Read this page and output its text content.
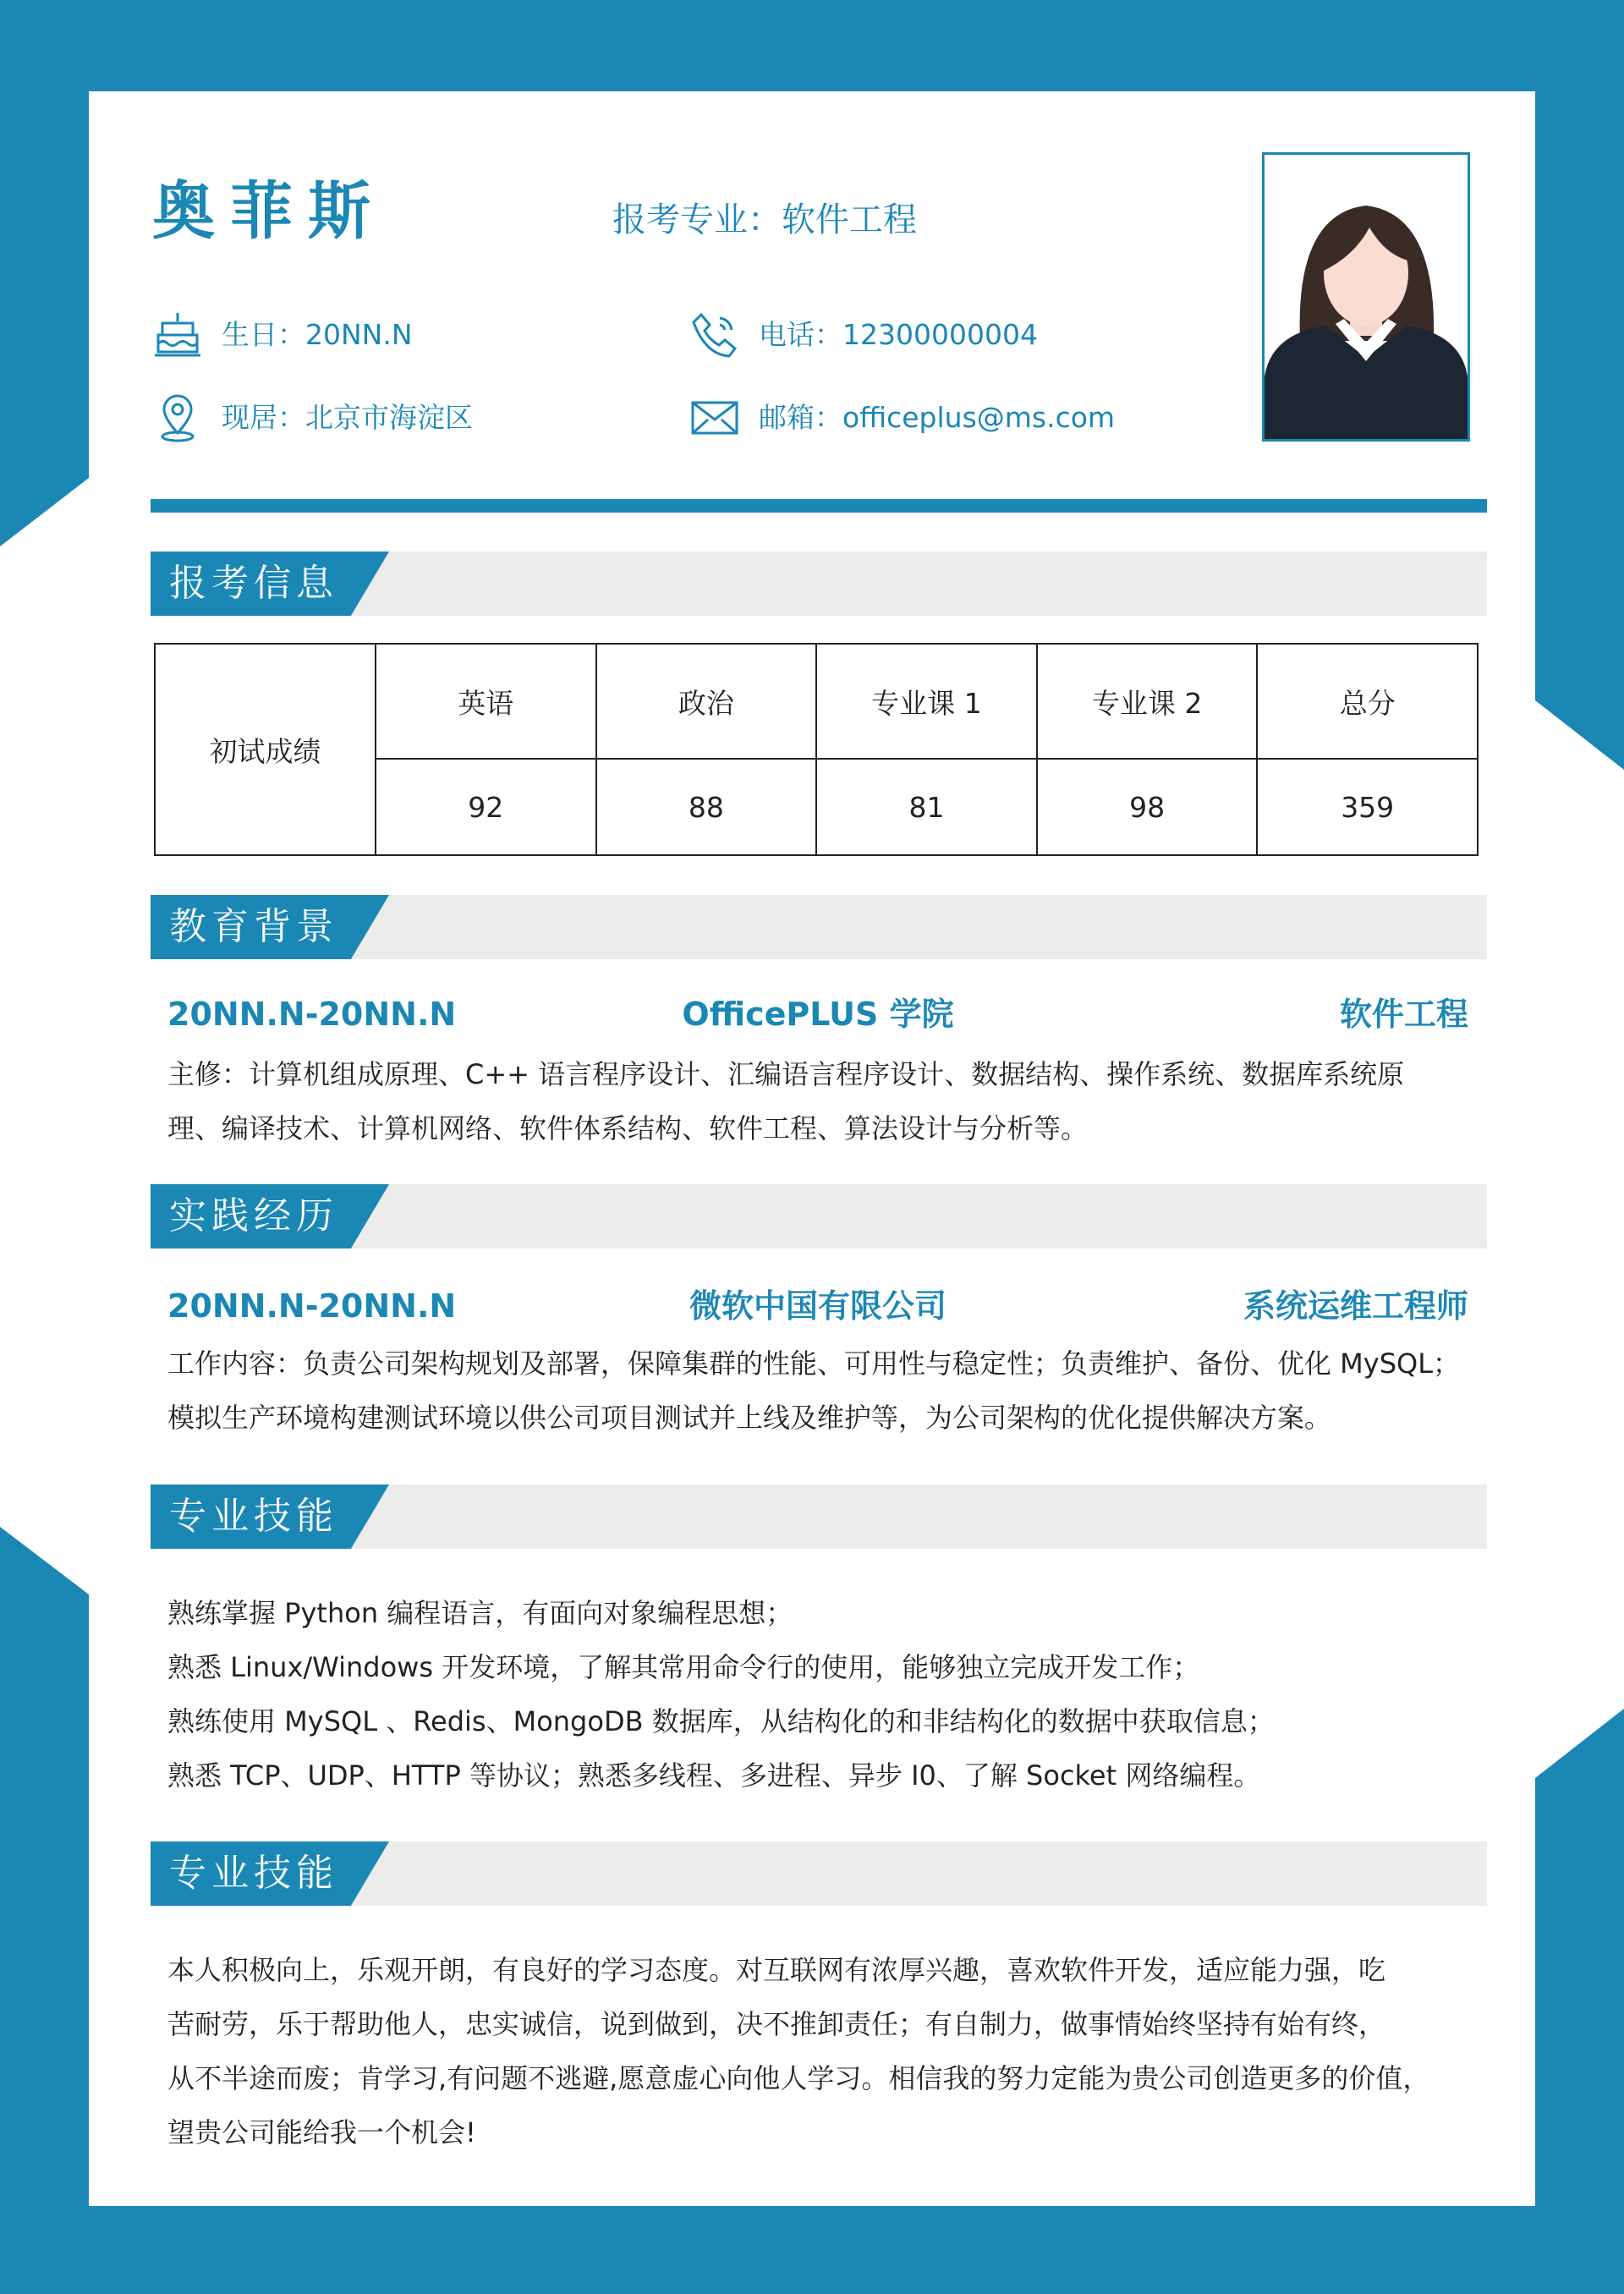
奥菲斯	报考专业：软件工程
生日：20NN.N	电话：12300000004
现居：北京市海淀区	邮箱：officeplus@ms.com
报考信息
初试成绩	英语	政治	专业课 1	专业课 2	总分
	92	88	81	98	359
教育背景
20NN.N-20NN.N	OfficePLUS 学院	软件工程
主修：计算机组成原理、C++ 语言程序设计、汇编语言程序设计、数据结构、操作系统、数据库系统原
理、编译技术、计算机网络、软件体系结构、软件工程、算法设计与分析等。
实践经历
20NN.N-20NN.N	微软中国有限公司	系统运维工程师
工作内容：负责公司架构规划及部署，保障集群的性能、可用性与稳定性；负责维护、备份、优化 MySQL；
模拟生产环境构建测试环境以供公司项目测试并上线及维护等，为公司架构的优化提供解决方案。
专业技能
熟练掌握 Python 编程语言，有面向对象编程思想；
熟悉 Linux/Windows 开发环境，了解其常用命令行的使用，能够独立完成开发工作；
熟练使用 MySQL 、Redis、MongoDB 数据库，从结构化的和非结构化的数据中获取信息；
熟悉 TCP、UDP、HTTP 等协议；熟悉多线程、多进程、异步 I0、了解 Socket 网络编程。
专业技能
本人积极向上，乐观开朗，有良好的学习态度。对互联网有浓厚兴趣，喜欢软件开发，适应能力强，吃
苦耐劳，乐于帮助他人，忠实诚信，说到做到，决不推卸责任；有自制力，做事情始终坚持有始有终，
从不半途而废；肯学习,有问题不逃避,愿意虚心向他人学习。相信我的努力定能为贵公司创造更多的价值，
望贵公司能给我一个机会!
